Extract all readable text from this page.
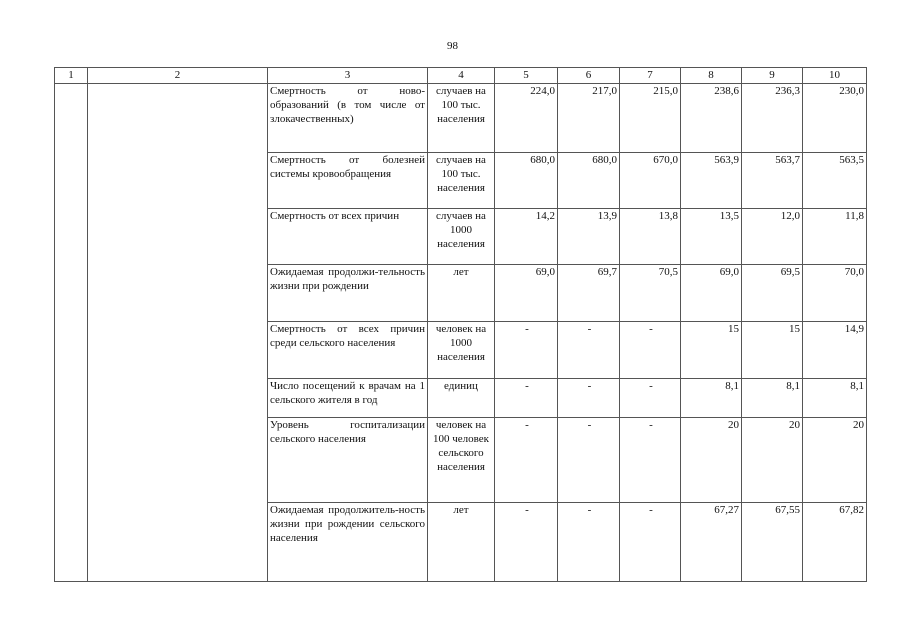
98
1	2	3	4	5	6	7	8	9	10
		Смертность от ново-образований (в том числе от злокачественных)	случаев на 100 тыс. населения	224,0	217,0	215,0	238,6	236,3	230,0
		Смертность от болезней системы кровообращения	случаев на 100 тыс. населения	680,0	680,0	670,0	563,9	563,7	563,5
		Смертность от всех причин	случаев на 1000 населения	14,2	13,9	13,8	13,5	12,0	11,8
		Ожидаемая продолжи-тельность жизни при рождении	лет	69,0	69,7	70,5	69,0	69,5	70,0
		Смертность от всех причин среди сельского населения	человек на 1000 населения	-	-	-	15	15	14,9
		Число посещений к врачам на 1 сельского жителя в год	единиц	-	-	-	8,1	8,1	8,1
		Уровень госпитализации сельского населения	человек на 100 человек сельского населения	-	-	-	20	20	20
		Ожидаемая продолжитель-ность жизни при рождении сельского населения	лет	-	-	-	67,27	67,55	67,82
